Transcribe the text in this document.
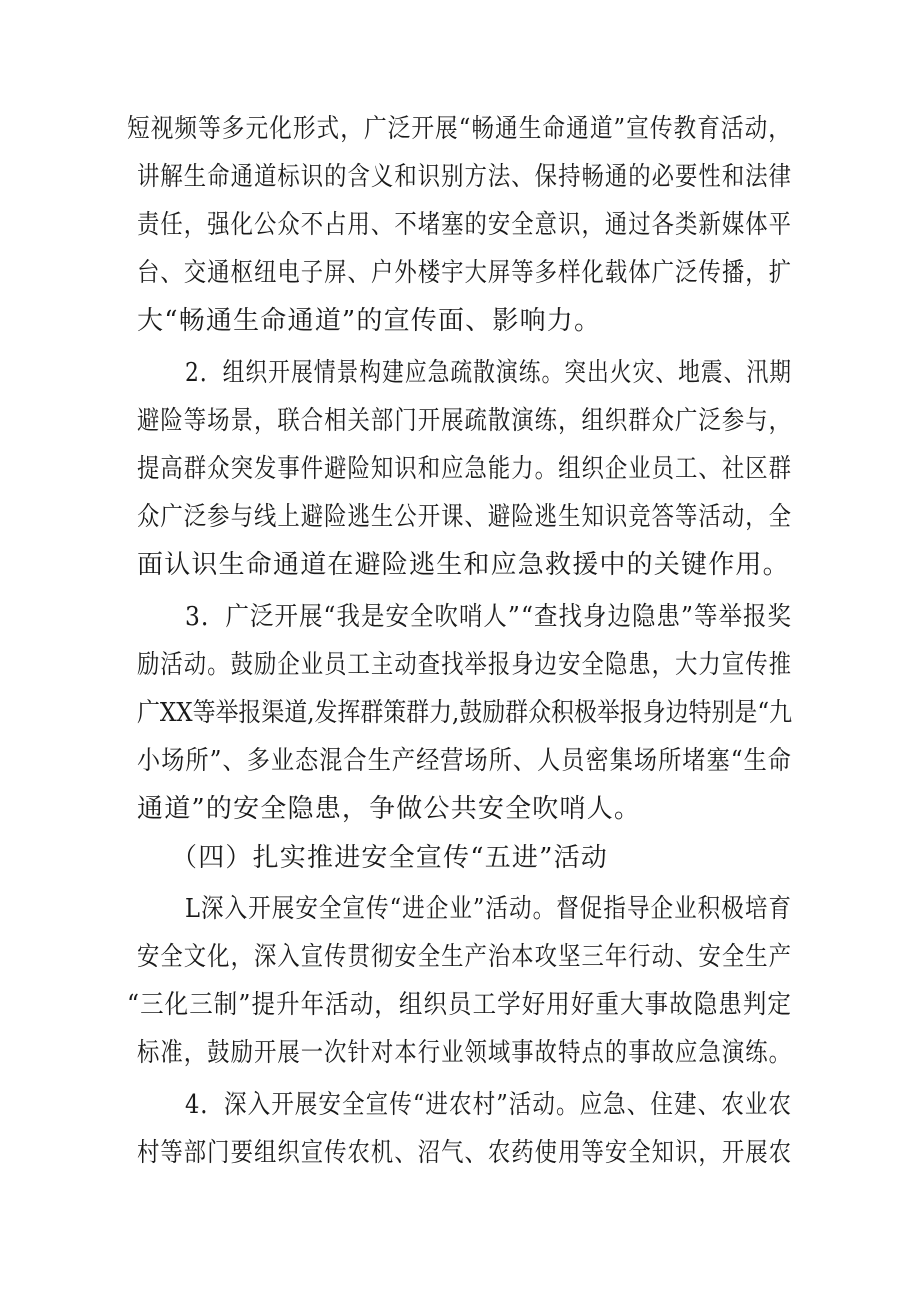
短视频等多元化形式，广泛开展“畅通生命通道”宣传教育活动，
讲解生命通道标识的含义和识别方法、保持畅通的必要性和法律
责任，强化公众不占用、不堵塞的安全意识，通过各类新媒体平
台、交通枢纽电子屏、户外楼宇大屏等多样化载体广泛传播，扩
大“畅通生命通道”的宣传面、影响力。
2．组织开展情景构建应急疏散演练。突出火灾、地震、汛期
避险等场景，联合相关部门开展疏散演练，组织群众广泛参与，
提高群众突发事件避险知识和应急能力。组织企业员工、社区群
众广泛参与线上避险逃生公开课、避险逃生知识竞答等活动，全
面认识生命通道在避险逃生和应急救援中的关键作用。
3．广泛开展“我是安全吹哨人”“查找身边隐患”等举报奖
励活动。鼓励企业员工主动查找举报身边安全隐患，大力宣传推
广XX等举报渠道,发挥群策群力,鼓励群众积极举报身边特别是“九
小场所”、多业态混合生产经营场所、人员密集场所堵塞“生命
通道”的安全隐患，争做公共安全吹哨人。
（四）扎实推进安全宣传“五进”活动
L深入开展安全宣传“进企业”活动。督促指导企业积极培育
安全文化，深入宣传贯彻安全生产治本攻坚三年行动、安全生产
“三化三制”提升年活动，组织员工学好用好重大事故隐患判定
标准，鼓励开展一次针对本行业领域事故特点的事故应急演练。
4．深入开展安全宣传“进农村”活动。应急、住建、农业农
村等部门要组织宣传农机、沼气、农药使用等安全知识，开展农
